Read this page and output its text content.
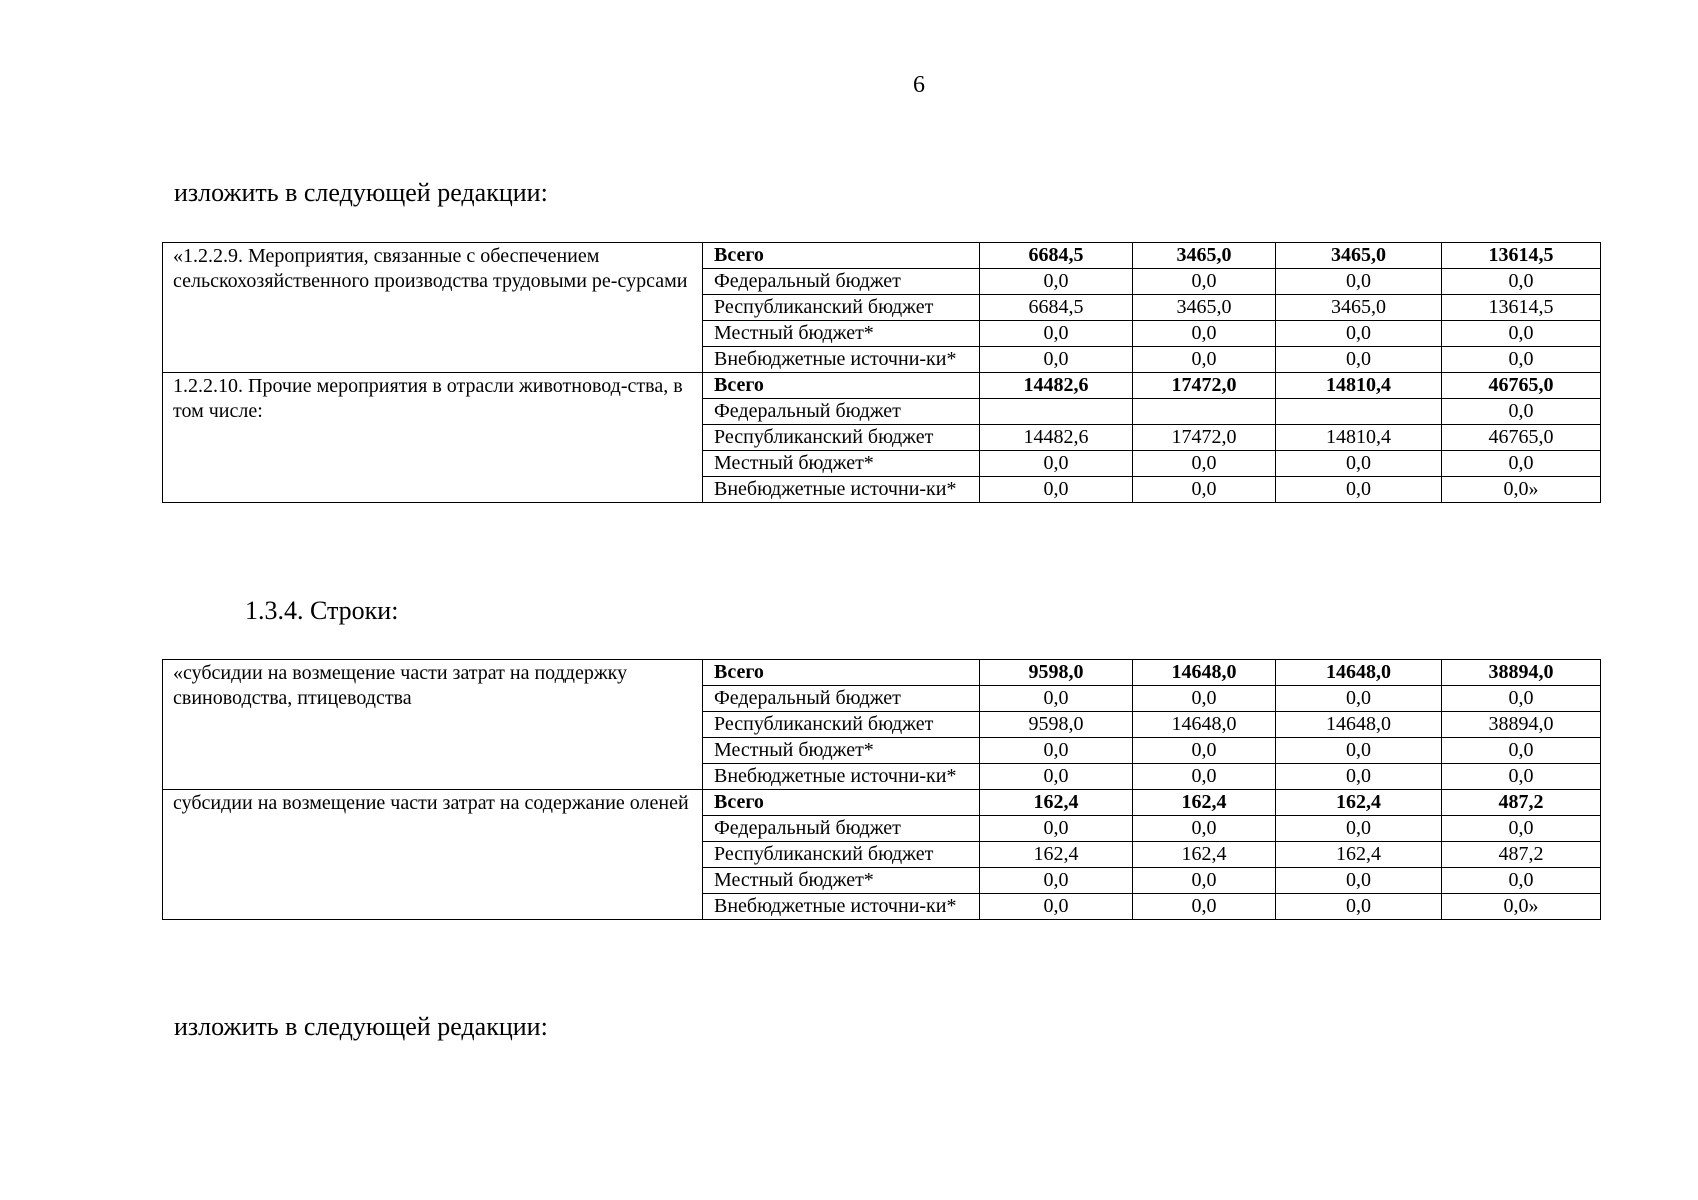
6
изложить в следующей редакции:
«1.2.2.9. Мероприятия, связанные с обеспечением сельскохозяйственного производства трудовыми ре-сурсами	Всего	6684,5	3465,0	3465,0	13614,5
	Федеральный бюджет	0,0	0,0	0,0	0,0
	Республиканский бюджет	6684,5	3465,0	3465,0	13614,5
	Местный бюджет*	0,0	0,0	0,0	0,0
	Внебюджетные источни-ки*	0,0	0,0	0,0	0,0
1.2.2.10. Прочие мероприятия в отрасли животновод-ства, в том числе:	Всего	14482,6	17472,0	14810,4	46765,0
	Федеральный бюджет				0,0
	Республиканский бюджет	14482,6	17472,0	14810,4	46765,0
	Местный бюджет*	0,0	0,0	0,0	0,0
	Внебюджетные источни-ки*	0,0	0,0	0,0	0,0»
1.3.4. Строки:
«субсидии на возмещение части затрат на поддержку свиноводства, птицеводства	Всего	9598,0	14648,0	14648,0	38894,0
	Федеральный бюджет	0,0	0,0	0,0	0,0
	Республиканский бюджет	9598,0	14648,0	14648,0	38894,0
	Местный бюджет*	0,0	0,0	0,0	0,0
	Внебюджетные источни-ки*	0,0	0,0	0,0	0,0
субсидии на возмещение части затрат на содержание оленей	Всего	162,4	162,4	162,4	487,2
	Федеральный бюджет	0,0	0,0	0,0	0,0
	Республиканский бюджет	162,4	162,4	162,4	487,2
	Местный бюджет*	0,0	0,0	0,0	0,0
	Внебюджетные источни-ки*	0,0	0,0	0,0	0,0»
изложить в следующей редакции:
